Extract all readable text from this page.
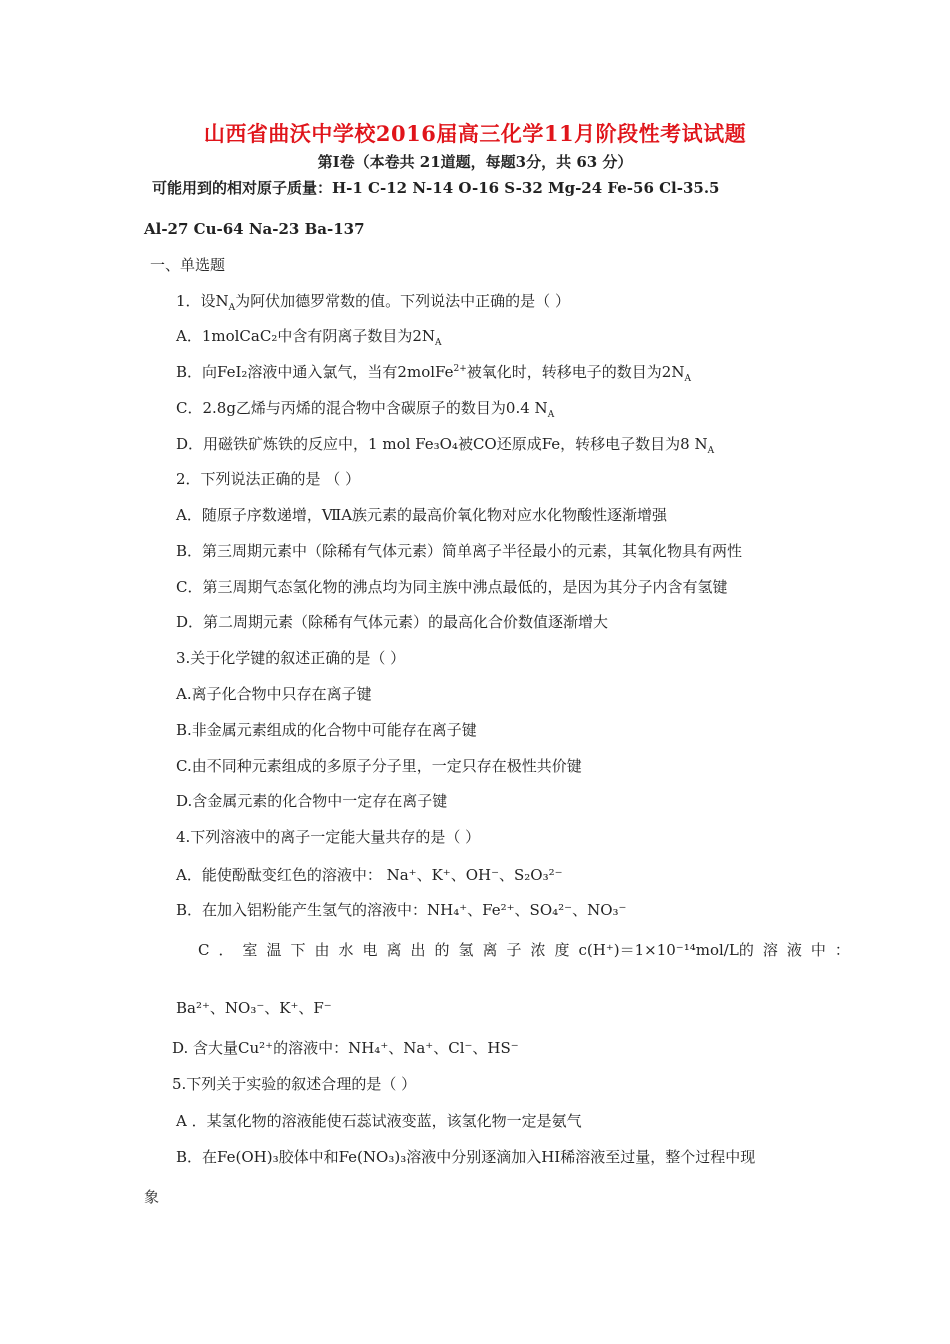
山西省曲沃中学校2016届高三化学11月阶段性考试试题
第Ⅰ卷（本卷共 21道题，每题3分，共 63 分）
可能用到的相对原子质量：H-1 C-12 N-14 O-16 S-32 Mg-24 Fe-56 Cl-35.5
Al-27 Cu-64 Na-23 Ba-137
一、单选题
1．设$N_A$为阿伏加德罗常数的值。下列说法中正确的是（ ）
A．1molCaC₂中含有阴离子数目为$2N_A$
B．向FeI₂溶液中通入氯气，当有2molFe$^{2+}$被氧化时，转移电子的数目为$2N_A$
C．2.8g乙烯与丙烯的混合物中含碳原子的数目为0.4 $N_A$
D．用磁铁矿炼铁的反应中，1 mol Fe₃O₄被CO还原成Fe，转移电子数目为8 $N_A$
2．下列说法正确的是 （ ）
A．随原子序数递增，ⅦA族元素的最高价氧化物对应水化物酸性逐渐增强
B．第三周期元素中（除稀有气体元素）简单离子半径最小的元素，其氧化物具有两性
C．第三周期气态氢化物的沸点均为同主族中沸点最低的，是因为其分子内含有氢键
D．第二周期元素（除稀有气体元素）的最高化合价数值逐渐增大
3.关于化学键的叙述正确的是（ ）
A.离子化合物中只存在离子键
B.非金属元素组成的化合物中可能存在离子键
C.由不同种元素组成的多原子分子里，一定只存在极性共价键
D.含金属元素的化合物中一定存在离子键
4.下列溶液中的离子一定能大量共存的是（ ）
A．能使酚酞变红色的溶液中： Na⁺、K⁺、OH⁻、S₂O₃²⁻
B．在加入铝粉能产生氢气的溶液中：NH₄⁺、Fe²⁺、SO₄²⁻、NO₃⁻
C．室温下由水电离出的氢离子浓度c(H⁺)＝1×10⁻¹⁴mol/L的溶液中：
Ba²⁺、NO₃⁻、K⁺、F⁻
D. 含大量Cu²⁺的溶液中：NH₄⁺、Na⁺、Cl⁻、HS⁻
5.下列关于实验的叙述合理的是（ ）
A ．某氢化物的溶液能使石蕊试液变蓝，该氢化物一定是氨气
B．在Fe(OH)₃胶体中和Fe(NO₃)₃溶液中分别逐滴加入HI稀溶液至过量，整个过程中现
象
